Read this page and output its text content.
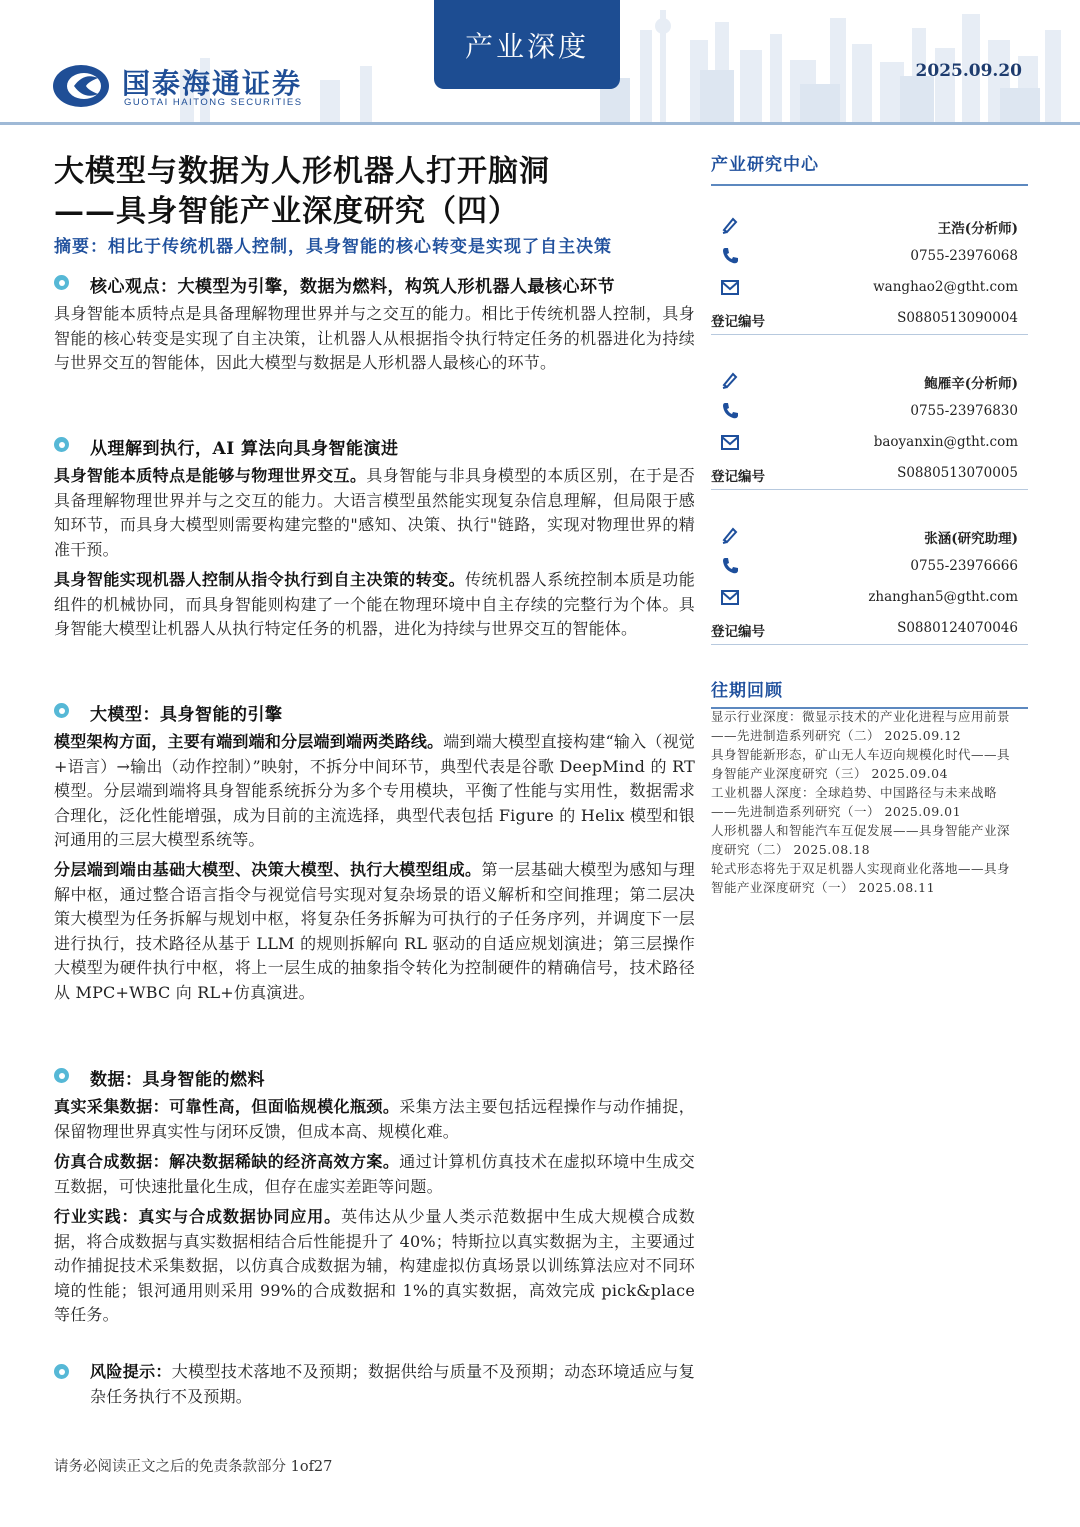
国泰海通证券
GUOTAI HAITONG SECURITIES
产业深度
2025.09.20
大模型与数据为人形机器人打开脑洞
——具身智能产业深度研究（四）
摘要：相比于传统机器人控制，具身智能的核心转变是实现了自主决策
核心观点：大模型为引擎，数据为燃料，构筑人形机器人最核心环节
具身智能本质特点是具备理解物理世界并与之交互的能力。相比于传统机器人控制，具身智能的核心转变是实现了自主决策，让机器人从根据指令执行特定任务的机器进化为持续与世界交互的智能体，因此大模型与数据是人形机器人最核心的环节。
从理解到执行，AI 算法向具身智能演进
具身智能本质特点是能够与物理世界交互。具身智能与非具身模型的本质区别，在于是否具备理解物理世界并与之交互的能力。大语言模型虽然能实现复杂信息理解，但局限于感知环节，而具身大模型则需要构建完整的"感知、决策、执行"链路，实现对物理世界的精准干预。
具身智能实现机器人控制从指令执行到自主决策的转变。传统机器人系统控制本质是功能组件的机械协同，而具身智能则构建了一个能在物理环境中自主存续的完整行为个体。具身智能大模型让机器人从执行特定任务的机器，进化为持续与世界交互的智能体。
大模型：具身智能的引擎
模型架构方面，主要有端到端和分层端到端两类路线。端到端大模型直接构建“输入（视觉+语言）→输出（动作控制）”映射，不拆分中间环节，典型代表是谷歌 DeepMind 的 RT 模型。分层端到端将具身智能系统拆分为多个专用模块，平衡了性能与实用性，数据需求合理化，泛化性能增强，成为目前的主流选择，典型代表包括 Figure 的 Helix 模型和银河通用的三层大模型系统等。
分层端到端由基础大模型、决策大模型、执行大模型组成。第一层基础大模型为感知与理解中枢，通过整合语言指令与视觉信号实现对复杂场景的语义解析和空间推理；第二层决策大模型为任务拆解与规划中枢，将复杂任务拆解为可执行的子任务序列，并调度下一层进行执行，技术路径从基于 LLM 的规则拆解向 RL 驱动的自适应规划演进；第三层操作大模型为硬件执行中枢，将上一层生成的抽象指令转化为控制硬件的精确信号，技术路径从 MPC+WBC 向 RL+仿真演进。
数据：具身智能的燃料
真实采集数据：可靠性高，但面临规模化瓶颈。采集方法主要包括远程操作与动作捕捉，保留物理世界真实性与闭环反馈，但成本高、规模化难。
仿真合成数据：解决数据稀缺的经济高效方案。通过计算机仿真技术在虚拟环境中生成交互数据，可快速批量化生成，但存在虚实差距等问题。
行业实践：真实与合成数据协同应用。英伟达从少量人类示范数据中生成大规模合成数据，将合成数据与真实数据相结合后性能提升了 40%；特斯拉以真实数据为主，主要通过动作捕捉技术采集数据，以仿真合成数据为辅，构建虚拟仿真场景以训练算法应对不同环境的性能；银河通用则采用 99%的合成数据和 1%的真实数据，高效完成 pick&place 等任务。
风险提示：大模型技术落地不及预期；数据供给与质量不及预期；动态环境适应与复杂任务执行不及预期。
产业研究中心
王浩(分析师)
0755-23976068
wanghao2@gtht.com
登记编号	S0880513090004
鲍雁辛(分析师)
0755-23976830
baoyanxin@gtht.com
登记编号	S0880513070005
张涵(研究助理)
0755-23976666
zhanghan5@gtht.com
登记编号	S0880124070046
往期回顾
显示行业深度：微显示技术的产业化进程与应用前景——先进制造系列研究（二） 2025.09.12
具身智能新形态，矿山无人车迈向规模化时代——具身智能产业深度研究（三） 2025.09.04
工业机器人深度：全球趋势、中国路径与未来战略——先进制造系列研究（一） 2025.09.01
人形机器人和智能汽车互促发展——具身智能产业深度研究（二） 2025.08.18
轮式形态将先于双足机器人实现商业化落地——具身智能产业深度研究（一） 2025.08.11
请务必阅读正文之后的免责条款部分 1of27
